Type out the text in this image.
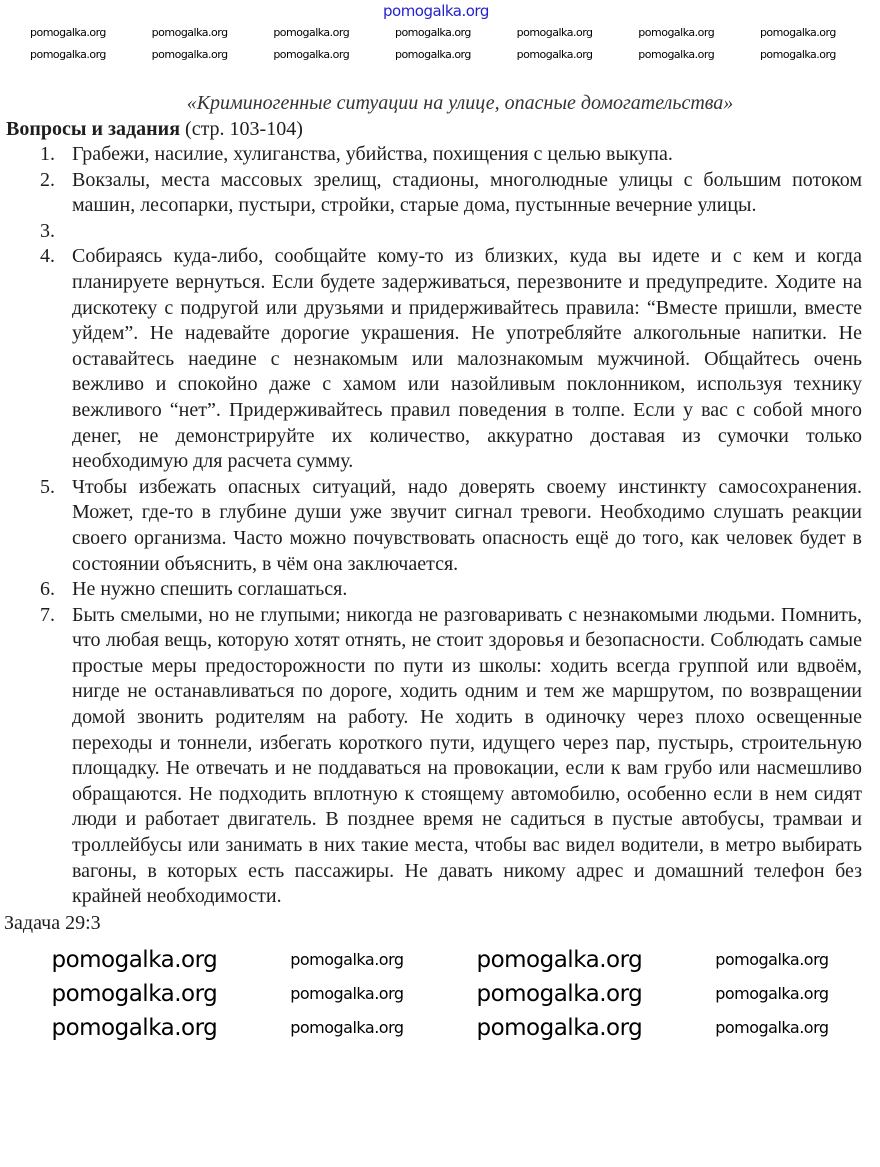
pomogalka.org
pomogalka.org	pomogalka.org	pomogalka.org	pomogalka.org	pomogalka.org	pomogalka.org	pomogalka.org
pomogalka.org	pomogalka.org	pomogalka.org	pomogalka.org	pomogalka.org	pomogalka.org	pomogalka.org
«Криминогенные ситуации на улице, опасные домогательства»
Вопросы и задания (стр. 103-104)
1. Грабежи, насилие, хулиганства, убийства, похищения с целью выкупа.
2. Вокзалы, места массовых зрелищ, стадионы, многолюдные улицы с большим потоком машин, лесопарки, пустыри, стройки, старые дома, пустынные вечерние улицы.
3.
4. Собираясь куда-либо, сообщайте кому-то из близких, куда вы идете и с кем и когда планируете вернуться. Если будете задерживаться, перезвоните и предупредите. Ходите на дискотеку с подругой или друзьями и придерживайтесь правила: “Вместе пришли, вместе уйдем”. Не надевайте дорогие украшения. Не употребляйте алкогольные напитки. Не оставайтесь наедине с незнакомым или малознакомым мужчиной. Общайтесь очень вежливо и спокойно даже с хамом или назойливым поклонником, используя технику вежливого “нет”. Придерживайтесь правил поведения в толпе. Если у вас с собой много денег, не демонстрируйте их количество, аккуратно доставая из сумочки только необходимую для расчета сумму.
5. Чтобы избежать опасных ситуаций, надо доверять своему инстинкту самосохранения. Может, где-то в глубине души уже звучит сигнал тревоги. Необходимо слушать реакции своего организма. Часто можно почувствовать опасность ещё до того, как человек будет в состоянии объяснить, в чём она заключается.
6. Не нужно спешить соглашаться.
7. Быть смелыми, но не глупыми; никогда не разговаривать с незнакомыми людьми. Помнить, что любая вещь, которую хотят отнять, не стоит здоровья и безопасности. Соблюдать самые простые меры предосторожности по пути из школы: ходить всегда группой или вдвоём, нигде не останавливаться по дороге, ходить одним и тем же маршрутом, по возвращении домой звонить родителям на работу. Не ходить в одиночку через плохо освещенные переходы и тоннели, избегать короткого пути, идущего через пар, пустырь, строительную площадку. Не отвечать и не поддаваться на провокации, если к вам грубо или насмешливо обращаются. Не подходить вплотную к стоящему автомобилю, особенно если в нем сидят люди и работает двигатель. В позднее время не садиться в пустые автобусы, трамваи и троллейбусы или занимать в них такие места, чтобы вас видел водители, в метро выбирать вагоны, в которых есть пассажиры. Не давать никому адрес и домашний телефон без крайней необходимости.
Задача 29:3
pomogalka.org	pomogalka.org	pomogalka.org	pomogalka.org
pomogalka.org	pomogalka.org	pomogalka.org	pomogalka.org
pomogalka.org	pomogalka.org	pomogalka.org	pomogalka.org
